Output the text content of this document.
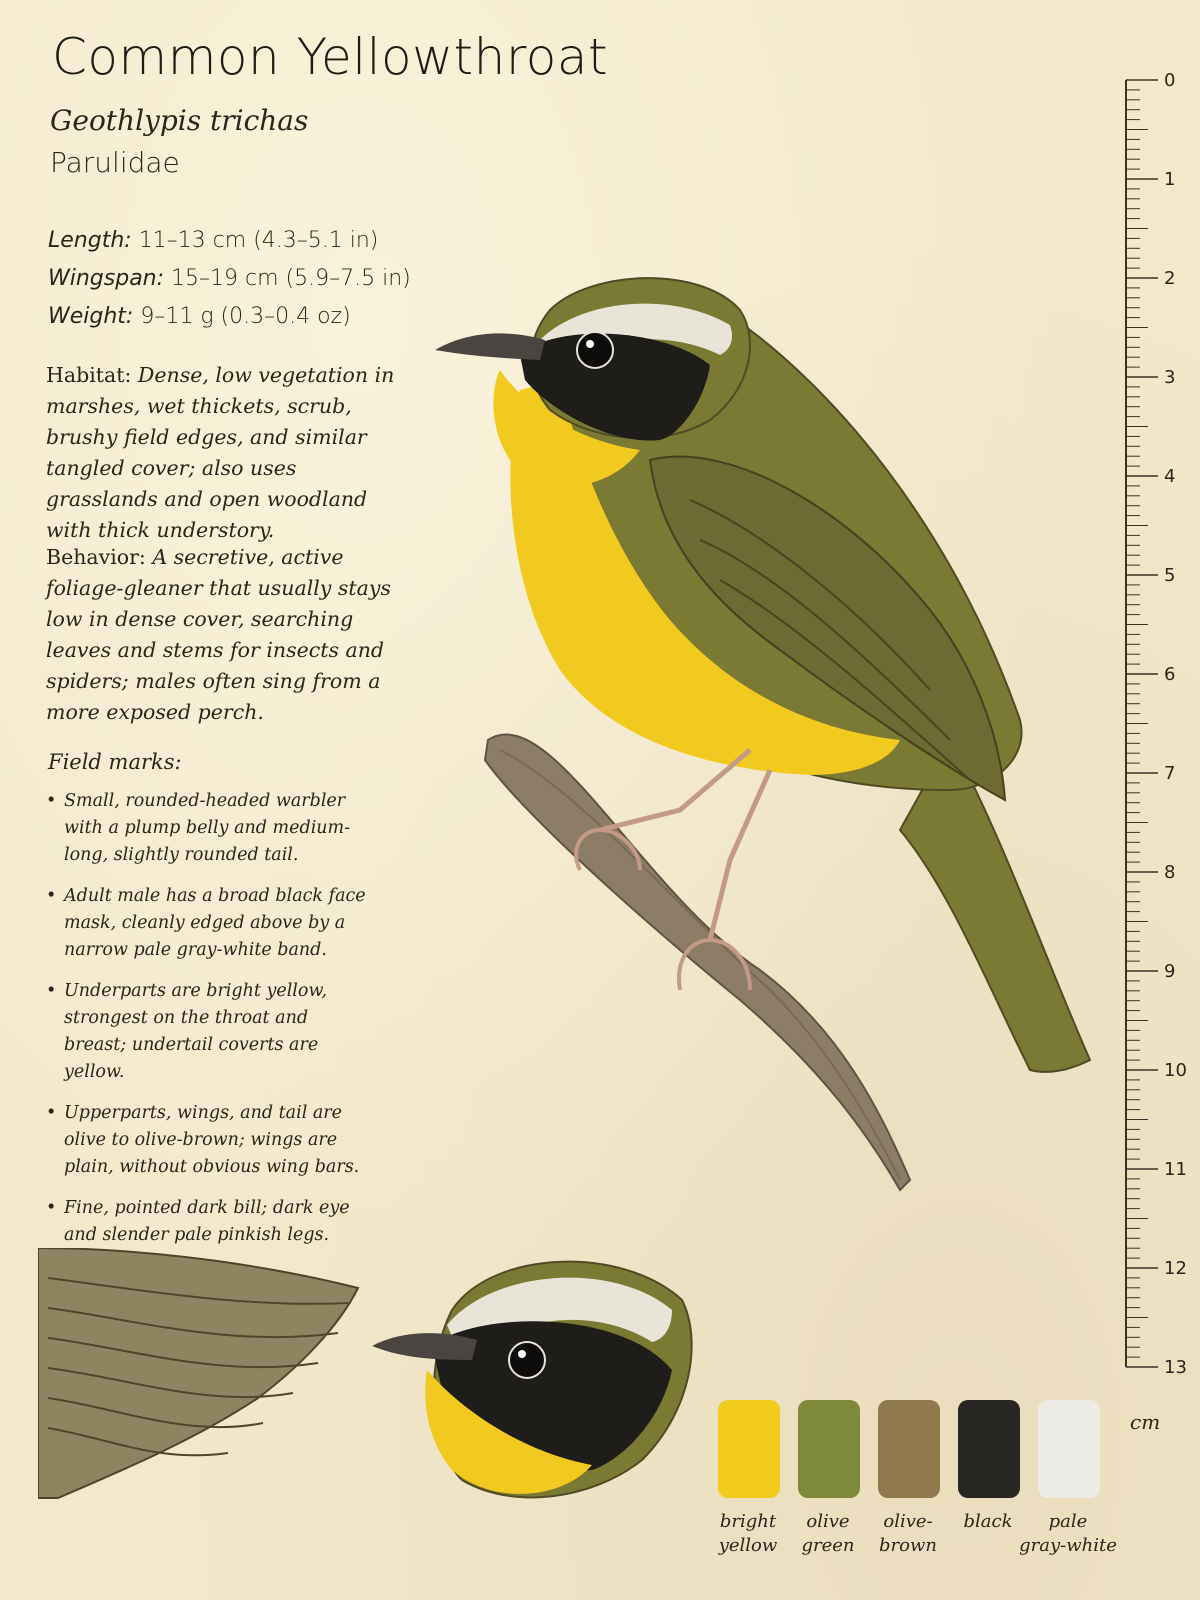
Common Yellowthroat
Geothlypis trichas
Parulidae
Length: 11–13 cm (4.3–5.1 in)
Wingspan: 15–19 cm (5.9–7.5 in)
Weight: 9–11 g (0.3–0.4 oz)
Habitat: Dense, low vegetation in marshes, wet thickets, scrub, brushy field edges, and similar tangled cover; also uses grasslands and open woodland with thick understory.
Behavior: A secretive, active foliage-gleaner that usually stays low in dense cover, searching leaves and stems for insects and spiders; males often sing from a more exposed perch.
Field marks:
• Small, rounded-headed warbler with a plump belly and medium-long, slightly rounded tail.
• Adult male has a broad black face mask, cleanly edged above by a narrow pale gray-white band.
• Underparts are bright yellow, strongest on the throat and breast; undertail coverts are yellow.
• Upperparts, wings, and tail are olive to olive-brown; wings are plain, without obvious wing bars.
• Fine, pointed dark bill; dark eye and slender pale pinkish legs.
0
1
2
3
4
5
6
7
8
9
10
11
12
13
cm
bright
yellow
olive
green
olive-
brown
black	pale
gray-white
